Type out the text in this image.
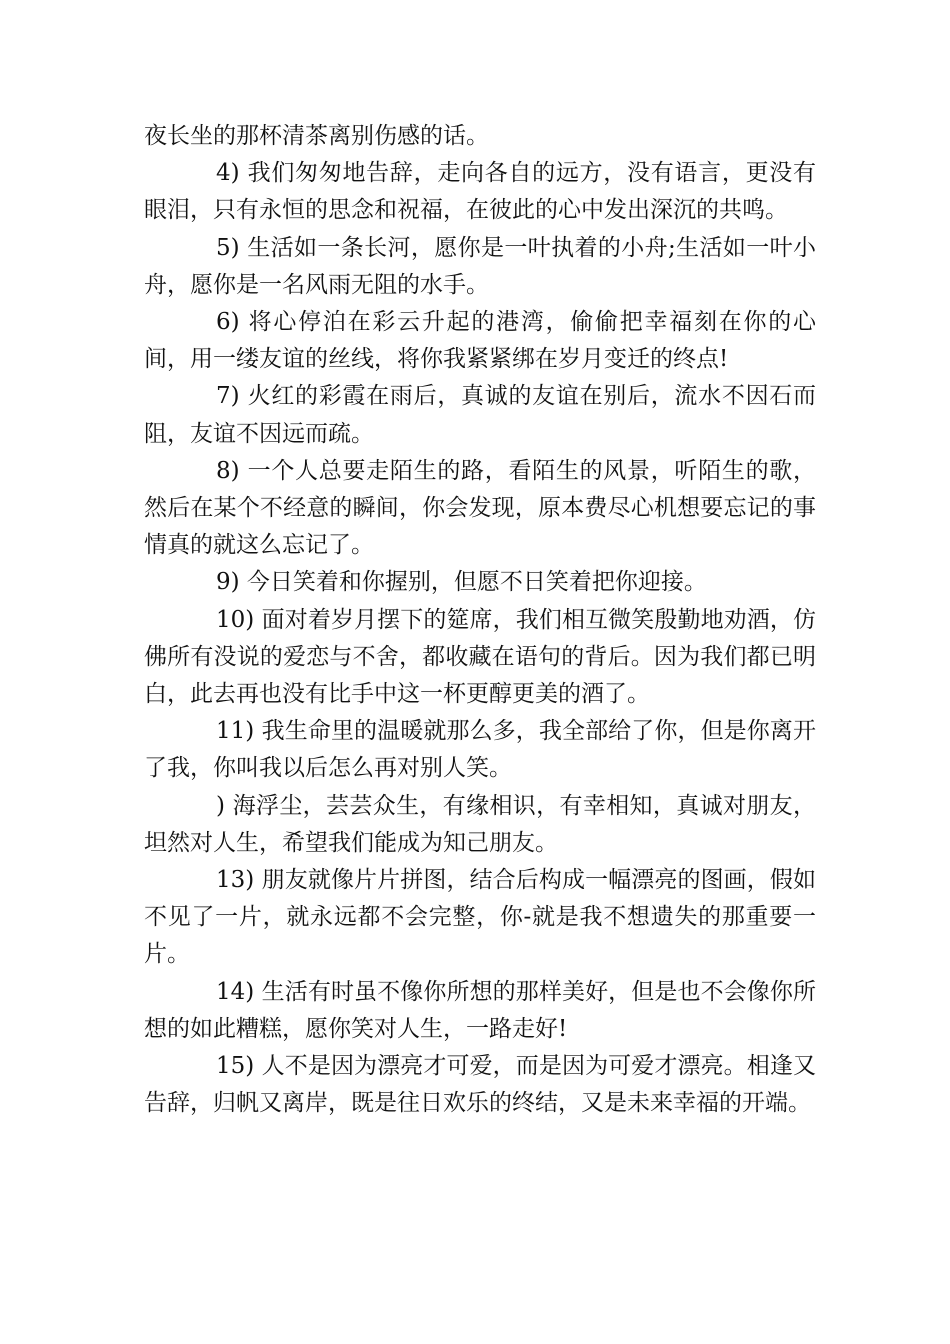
夜长坐的那杯清茶离别伤感的话。

4) 我们匆匆地告辞，走向各自的远方，没有语言，更没有眼泪，只有永恒的思念和祝福，在彼此的心中发出深沉的共鸣。

5) 生活如一条长河，愿你是一叶执着的小舟;生活如一叶小舟，愿你是一名风雨无阻的水手。

6) 将心停泊在彩云升起的港湾，偷偷把幸福刻在你的心间，用一缕友谊的丝线，将你我紧紧绑在岁月变迁的终点!

7) 火红的彩霞在雨后，真诚的友谊在别后，流水不因石而阻，友谊不因远而疏。

8) 一个人总要走陌生的路，看陌生的风景，听陌生的歌，然后在某个不经意的瞬间，你会发现，原本费尽心机想要忘记的事情真的就这么忘记了。

9) 今日笑着和你握别，但愿不日笑着把你迎接。

10) 面对着岁月摆下的筵席，我们相互微笑殷勤地劝酒，仿佛所有没说的爱恋与不舍，都收藏在语句的背后。因为我们都已明白，此去再也没有比手中这一杯更醇更美的酒了。

11) 我生命里的温暖就那么多，我全部给了你，但是你离开了我，你叫我以后怎么再对别人笑。

) 海浮尘，芸芸众生，有缘相识，有幸相知，真诚对朋友，坦然对人生，希望我们能成为知己朋友。

13) 朋友就像片片拼图，结合后构成一幅漂亮的图画，假如不见了一片，就永远都不会完整，你-就是我不想遗失的那重要一片。

14) 生活有时虽不像你所想的那样美好，但是也不会像你所想的如此糟糕，愿你笑对人生，一路走好!

15) 人不是因为漂亮才可爱，而是因为可爱才漂亮。相逢又告辞，归帆又离岸，既是往日欢乐的终结，又是未来幸福的开端。
